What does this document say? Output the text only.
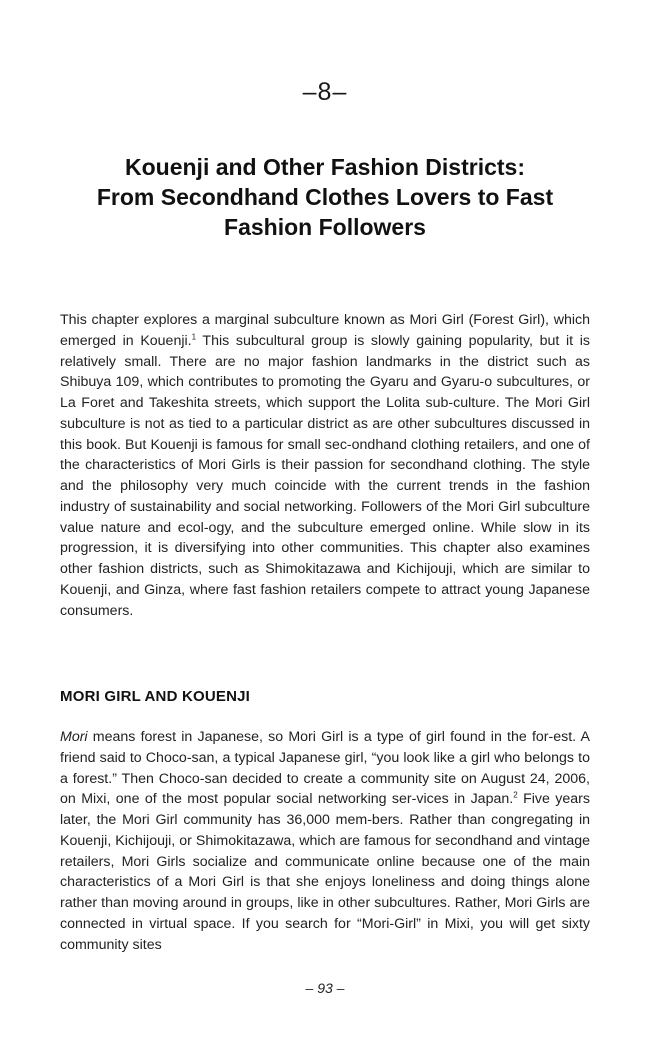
–8–
Kouenji and Other Fashion Districts:
From Secondhand Clothes Lovers to Fast
Fashion Followers

This chapter explores a marginal subculture known as Mori Girl (Forest Girl), which emerged in Kouenji.$^1$ This subcultural group is slowly gaining popularity, but it is relatively small. There are no major fashion landmarks in the district such as Shibuya 109, which contributes to promoting the Gyaru and Gyaru-o subcultures, or La Foret and Takeshita streets, which support the Lolita sub-culture. The Mori Girl subculture is not as tied to a particular district as are other subcultures discussed in this book. But Kouenji is famous for small sec-ondhand clothing retailers, and one of the characteristics of Mori Girls is their passion for secondhand clothing. The style and the philosophy very much coincide with the current trends in the fashion industry of sustainability and social networking. Followers of the Mori Girl subculture value nature and ecol-ogy, and the subculture emerged online. While slow in its progression, it is diversifying into other communities. This chapter also examines other fashion districts, such as Shimokitazawa and Kichijouji, which are similar to Kouenji, and Ginza, where fast fashion retailers compete to attract young Japanese consumers.

MORI GIRL AND KOUENJI

Mori means forest in Japanese, so Mori Girl is a type of girl found in the for-est. A friend said to Choco-san, a typical Japanese girl, “you look like a girl who belongs to a forest.” Then Choco-san decided to create a community site on August 24, 2006, on Mixi, one of the most popular social networking ser-vices in Japan.$^2$ Five years later, the Mori Girl community has 36,000 mem-bers. Rather than congregating in Kouenji, Kichijouji, or Shimokitazawa, which are famous for secondhand and vintage retailers, Mori Girls socialize and communicate online because one of the main characteristics of a Mori Girl is that she enjoys loneliness and doing things alone rather than moving around in groups, like in other subcultures. Rather, Mori Girls are connected in virtual space. If you search for “Mori-Girl” in Mixi, you will get sixty community sites

– 93 –
